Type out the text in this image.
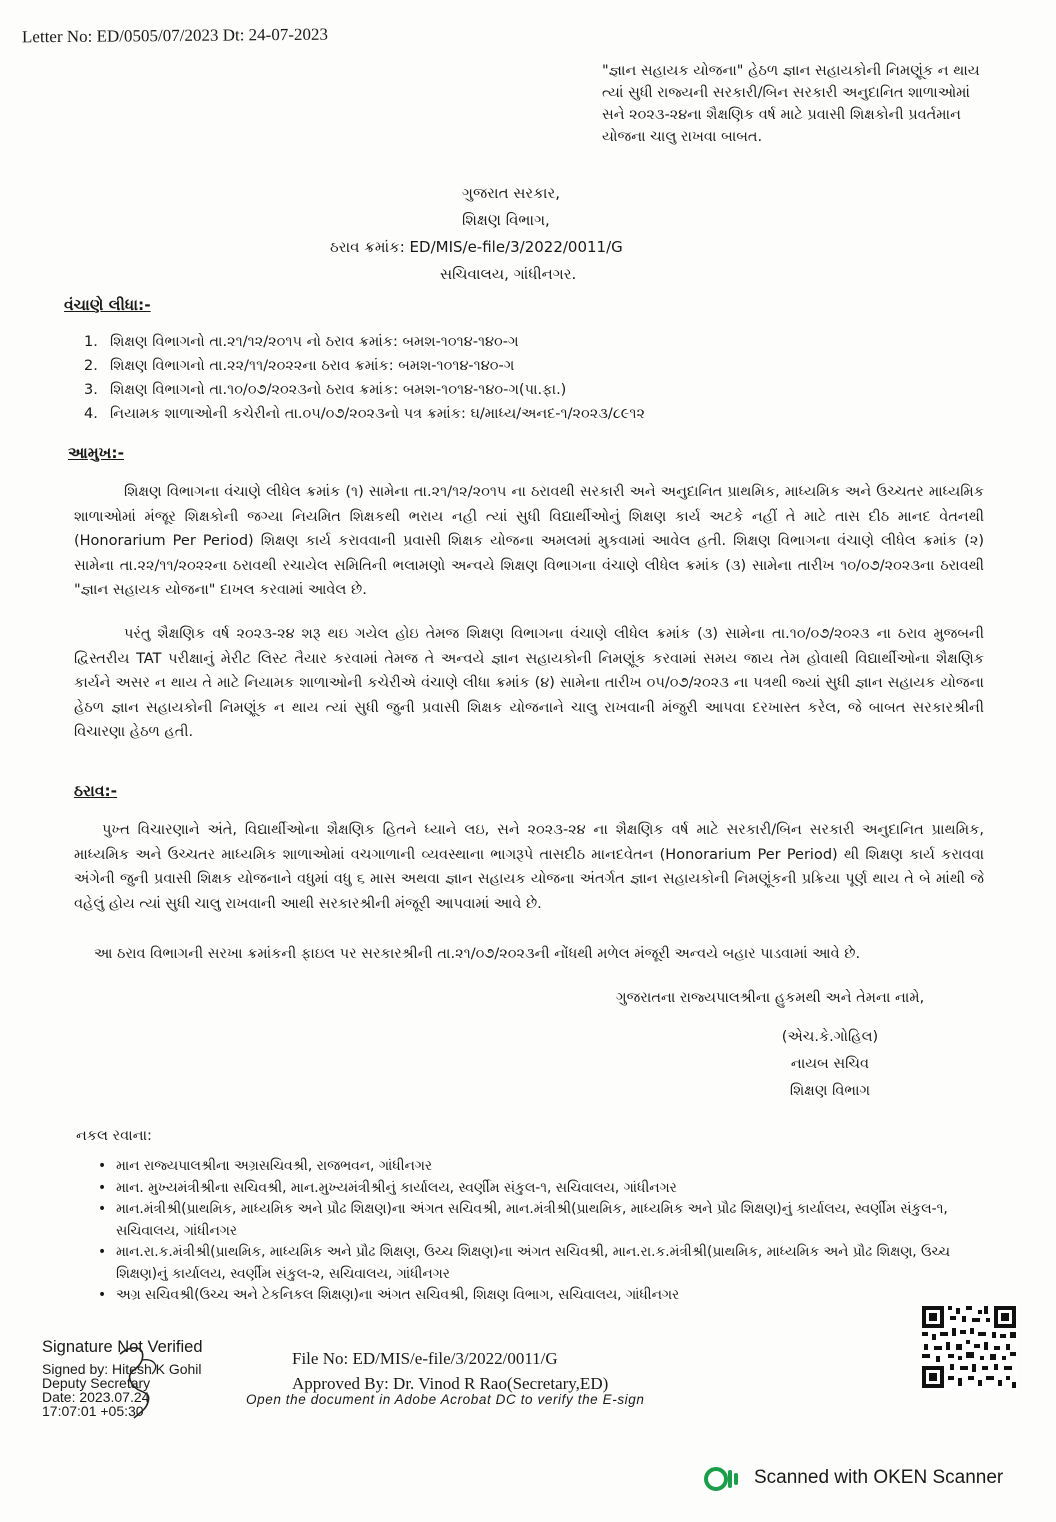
Letter No: ED/0505/07/2023 Dt: 24-07-2023
"જ્ઞાન સહાયક યોજના" હેઠળ જ્ઞાન સહાયકોની નિમણૂંક ન થાય ત્યાં સુધી રાજ્યની સરકારી/બિન સરકારી અનુદાનિત શાળાઓમાં સને ૨૦૨૩-૨૪ના શૈક્ષણિક વર્ષ માટે પ્રવાસી શિક્ષકોની પ્રવર્તમાન યોજના ચાલુ રાખવા બાબત.
ગુજરાત સરકાર,
શિક્ષણ વિભાગ,
ઠરાવ ક્રમાંક: ED/MIS/e-file/3/2022/0011/G
સચિવાલય, ગાંધીનગર.
વંચાણે લીધા:-
1. શિક્ષણ વિભાગનો તા.૨૧/૧૨/૨૦૧૫ નો ઠરાવ ક્રમાંક: બમશ-૧૦૧૪-૧૪૦-ગ
2. શિક્ષણ વિભાગનો તા.૨૨/૧૧/૨૦૨૨ના ઠરાવ ક્રમાંક: બમશ-૧૦૧૪-૧૪૦-ગ
3. શિક્ષણ વિભાગનો તા.૧૦/૦૭/૨૦૨૩નો ઠરાવ ક્રમાંક: બમશ-૧૦૧૪-૧૪૦-ગ(પા.ફા.)
4. નિયામક શાળાઓની કચેરીનો તા.૦૫/૦૭/૨૦૨૩નો પત્ર ક્રમાંક: ઘ/માધ્ય/અનદ-૧/૨૦૨૩/૮૯૧૨
આમુખ:-
શિક્ષણ વિભાગના વંચાણે લીધેલ ક્રમાંક (૧) સામેના તા.૨૧/૧૨/૨૦૧૫ ના ઠરાવથી સરકારી અને અનુદાનિત પ્રાથમિક, માધ્યમિક અને ઉચ્ચતર માધ્યમિક શાળાઓમાં મંજૂર શિક્ષકોની જગ્યા નિયમિત શિક્ષકથી ભરાય નહી ત્યાં સુધી વિદ્યાર્થીઓનું શિક્ષણ કાર્ય અટકે નહીં તે માટે તાસ દીઠ માનદ વેતનથી (Honorarium Per Period) શિક્ષણ કાર્ય કરાવવાની પ્રવાસી શિક્ષક યોજના અમલમાં મુકવામાં આવેલ હતી. શિક્ષણ વિભાગના વંચાણે લીધેલ ક્રમાંક (૨) સામેના તા.૨૨/૧૧/૨૦૨૨ના ઠરાવથી રચાયેલ સમિતિની ભલામણો અન્વયે શિક્ષણ વિભાગના વંચાણે લીધેલ ક્રમાંક (૩) સામેના તારીખ ૧૦/૦૭/૨૦૨૩ના ઠરાવથી "જ્ઞાન સહાયક યોજના" દાખલ કરવામાં આવેલ છે.
પરંતુ શૈક્ષણિક વર્ષ ૨૦૨૩-૨૪ શરૂ થઇ ગયેલ હોઇ તેમજ શિક્ષણ વિભાગના વંચાણે લીધેલ ક્રમાંક (૩) સામેના તા.૧૦/૦૭/૨૦૨૩ ના ઠરાવ મુજબની દ્વિસ્તરીય TAT પરીક્ષાનું મેરીટ લિસ્ટ તૈયાર કરવામાં તેમજ તે અન્વયે જ્ઞાન સહાયકોની નિમણૂંક કરવામાં સમય જાય તેમ હોવાથી વિદ્યાર્થીઓના શૈક્ષણિક કાર્યને અસર ન થાય તે માટે નિયામક શાળાઓની કચેરીએ વંચાણે લીધા ક્રમાંક (૪) સામેના તારીખ ૦૫/૦૭/૨૦૨૩ ના પત્રથી જ્યાં સુધી જ્ઞાન સહાયક યોજના હેઠળ જ્ઞાન સહાયકોની નિમણૂંક ન થાય ત્યાં સુધી જુની પ્રવાસી શિક્ષક યોજનાને ચાલુ રાખવાની મંજુરી આપવા દરખાસ્ત કરેલ, જે બાબત સરકારશ્રીની વિચારણા હેઠળ હતી.
ઠરાવ:-
પુખ્ત વિચારણાને અંતે, વિદ્યાર્થીઓના શૈક્ષણિક હિતને ધ્યાને લઇ, સને ૨૦૨૩-૨૪ ના શૈક્ષણિક વર્ષ માટે સરકારી/બિન સરકારી અનુદાનિત પ્રાથમિક, માધ્યમિક અને ઉચ્ચતર માધ્યમિક શાળાઓમાં વચગાળાની વ્યવસ્થાના ભાગરૂપે તાસદીઠ માનદવેતન (Honorarium Per Period) થી શિક્ષણ કાર્ય કરાવવા અંગેની જુની પ્રવાસી શિક્ષક યોજનાને વધુમાં વધુ ૬ માસ અથવા જ્ઞાન સહાયક યોજના અંતર્ગત જ્ઞાન સહાયકોની નિમણૂંકની પ્રક્રિયા પૂર્ણ થાય તે બે માંથી જે વહેલું હોય ત્યાં સુધી ચાલુ રાખવાની આથી સરકારશ્રીની મંજૂરી આપવામાં આવે છે.
આ ઠરાવ વિભાગની સરખા ક્રમાંકની ફાઇલ પર સરકારશ્રીની તા.૨૧/૦૭/૨૦૨૩ની નોંધથી મળેલ મંજૂરી અન્વયે બહાર પાડવામાં આવે છે.
ગુજરાતના રાજ્યપાલશ્રીના હુકમથી અને તેમના નામે,
(એચ.કે.ગોહિલ)
નાયબ સચિવ
શિક્ષણ વિભાગ
નકલ રવાના:
• માન રાજ્યપાલશ્રીના અગ્રસચિવશ્રી, રાજભવન, ગાંધીનગર
• માન. મુખ્યમંત્રીશ્રીના સચિવશ્રી, માન.મુખ્યમંત્રીશ્રીનું કાર્યાલય, સ્વર્ણીમ સંકુલ-૧, સચિવાલય, ગાંધીનગર
• માન.મંત્રીશ્રી(પ્રાથમિક, માધ્યમિક અને પ્રૌઢ શિક્ષણ)ના અંગત સચિવશ્રી, માન.મંત્રીશ્રી(પ્રાથમિક, માધ્યમિક અને પ્રૌઢ શિક્ષણ)નું કાર્યાલય, સ્વર્ણીમ સંકુલ-૧, સચિવાલય, ગાંધીનગર
• માન.રા.ક.મંત્રીશ્રી(પ્રાથમિક, માધ્યમિક અને પ્રૌઢ શિક્ષણ, ઉચ્ચ શિક્ષણ)ના અંગત સચિવશ્રી, માન.રા.ક.મંત્રીશ્રી(પ્રાથમિક, માધ્યમિક અને પ્રૌઢ શિક્ષણ, ઉચ્ચ શિક્ષણ)નું કાર્યાલય, સ્વર્ણીમ સંકુલ-૨, સચિવાલય, ગાંધીનગર
• અગ્ર સચિવશ્રી(ઉચ્ચ અને ટેકનિકલ શિક્ષણ)ના અંગત સચિવશ્રી, શિક્ષણ વિભાગ, સચિવાલય, ગાંધીનગર
Signature Not Verified
Signed by: Hitesh K Gohil
Deputy Secretary
Date: 2023.07.24
17:07:01 +05:30
File No: ED/MIS/e-file/3/2022/0011/G
Approved By: Dr. Vinod R Rao(Secretary,ED)
Open the document in Adobe Acrobat DC to verify the E-sign
Scanned with OKEN Scanner
